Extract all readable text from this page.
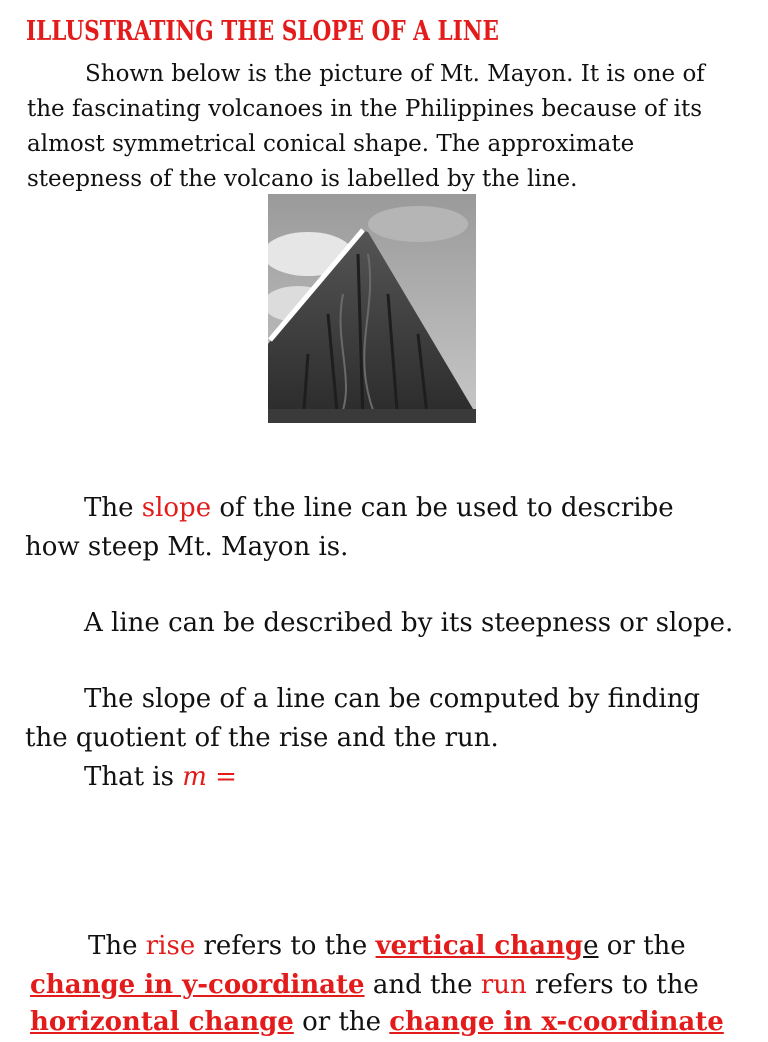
ILLUSTRATING THE SLOPE OF A LINE

Shown below is the picture of Mt. Mayon. It is one of

the fascinating volcanoes in the Philippines because of its

almost symmetrical conical shape. The approximate

steepness of the volcano is labelled by the line.

The slope of the line can be used to describe

how steep Mt. Mayon is.

A line can be described by its steepness or slope.

The slope of a line can be computed by finding

the quotient of the rise and the run.

That is m =

The rise refers to the vertical change or the

change in y-coordinate and the run refers to the

horizontal change or the change in x-coordinate
